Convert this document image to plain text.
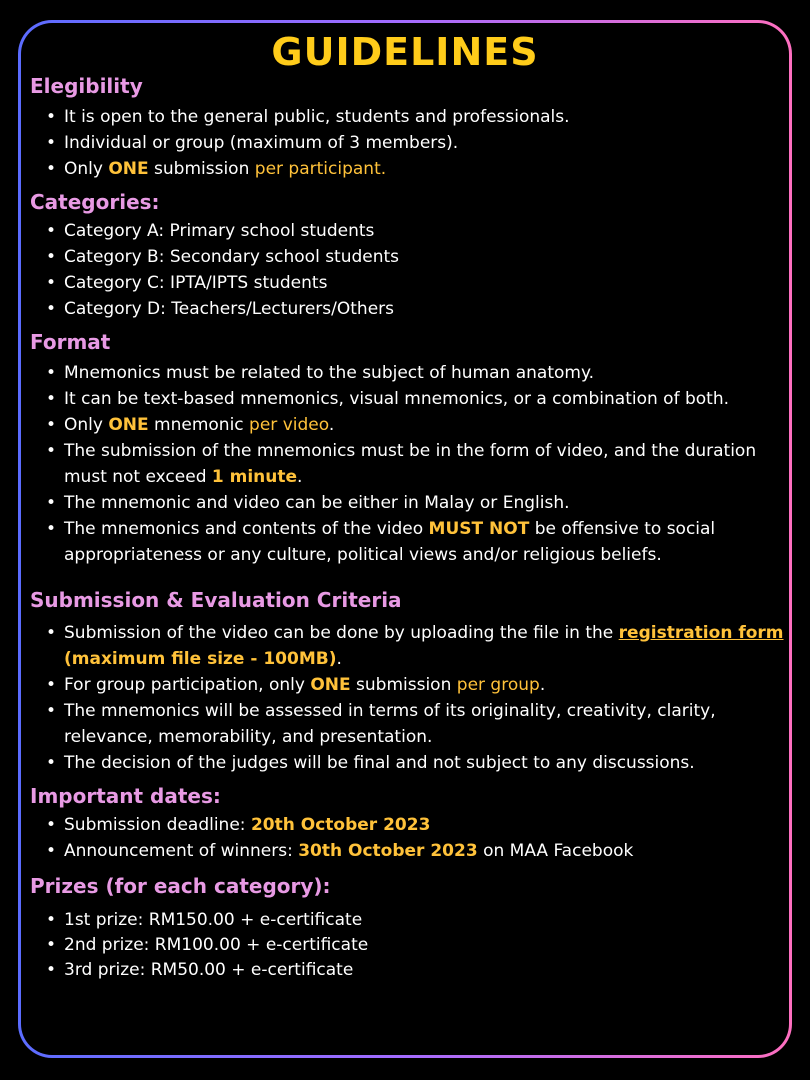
GUIDELINES
Elegibility
• It is open to the general public, students and professionals.
• Individual or group (maximum of 3 members).
• Only ONE submission per participant.
Categories:
• Category A: Primary school students
• Category B: Secondary school students
• Category C: IPTA/IPTS students
• Category D: Teachers/Lecturers/Others
Format
• Mnemonics must be related to the subject of human anatomy.
• It can be text-based mnemonics, visual mnemonics, or a combination of both.
• Only ONE mnemonic per video.
• The submission of the mnemonics must be in the form of video, and the duration must not exceed 1 minute.
• The mnemonic and video can be either in Malay or English.
• The mnemonics and contents of the video MUST NOT be offensive to social appropriateness or any culture, political views and/or religious beliefs.
Submission & Evaluation Criteria
• Submission of the video can be done by uploading the file in the registration form (maximum file size - 100MB).
• For group participation, only ONE submission per group.
• The mnemonics will be assessed in terms of its originality, creativity, clarity, relevance, memorability, and presentation.
• The decision of the judges will be final and not subject to any discussions.
Important dates:
• Submission deadline: 20th October 2023
• Announcement of winners: 30th October 2023 on MAA Facebook
Prizes (for each category):
• 1st prize: RM150.00 + e-certificate
• 2nd prize: RM100.00 + e-certificate
• 3rd prize: RM50.00 + e-certificate
